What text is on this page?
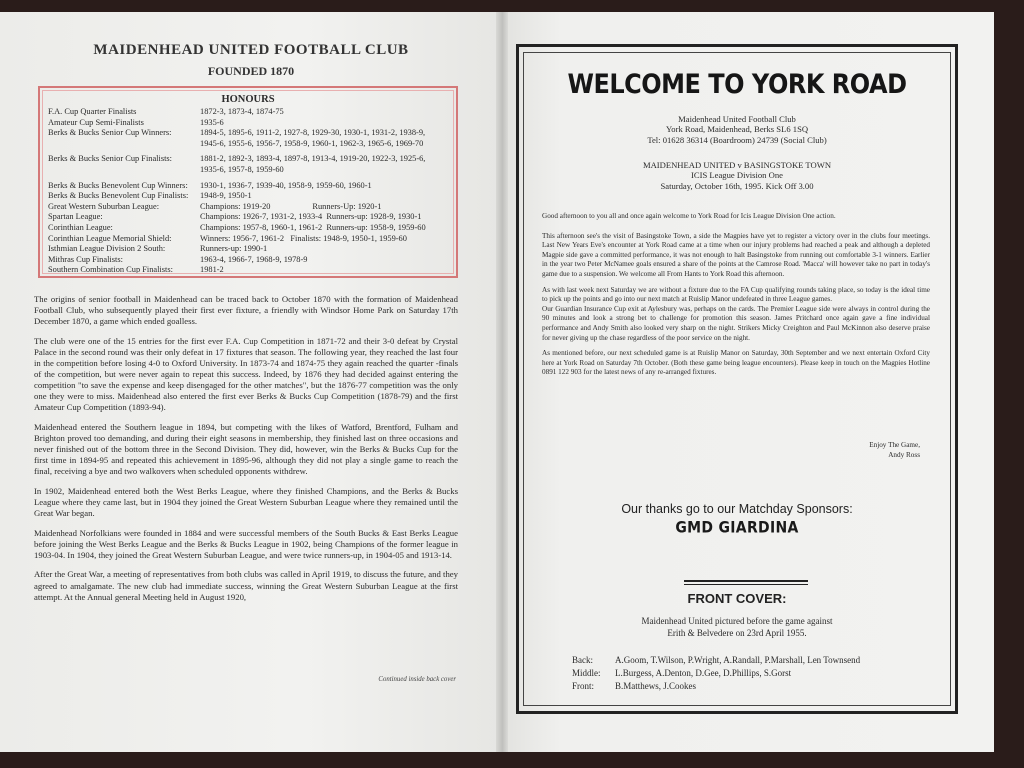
MAIDENHEAD UNITED FOOTBALL CLUB
FOUNDED 1870
HONOURS
F.A. Cup Quarter Finalists	1872-3, 1873-4, 1874-75
Amateur Cup Semi-Finalists	1935-6
Berks & Bucks Senior Cup Winners:	1894-5, 1895-6, 1911-2, 1927-8, 1929-30, 1930-1, 1931-2, 1938-9,
1945-6, 1955-6, 1956-7, 1958-9, 1960-1, 1962-3, 1965-6, 1969-70
Berks & Bucks Senior Cup Finalists:	1881-2, 1892-3, 1893-4, 1897-8, 1913-4, 1919-20, 1922-3, 1925-6,
1935-6, 1957-8, 1959-60
Berks & Bucks Benevolent Cup Winners:	1930-1, 1936-7, 1939-40, 1958-9, 1959-60, 1960-1
Berks & Bucks Benevolent Cup Finalists:	1948-9, 1950-1
Great Western Suburban League:	Champions: 1919-20                    Runners-Up: 1920-1
Spartan League:	Champions: 1926-7, 1931-2, 1933-4  Runners-up: 1928-9, 1930-1
Corinthian League:	Champions: 1957-8, 1960-1, 1961-2  Runners-up: 1958-9, 1959-60
Corinthian League Memorial Shield:	Winners: 1956-7, 1961-2   Finalists: 1948-9, 1950-1, 1959-60
Isthmian League Division 2 South:	Runners-up: 1990-1
Mithras Cup Finalists:	1963-4, 1966-7, 1968-9, 1978-9
Southern Combination Cup Finalists:	1981-2

The origins of senior football in Maidenhead can be traced back to October 1870 with the formation of Maidenhead Football Club, who subsequently played their first ever fixture, a friendly with Windsor Home Park on Saturday 17th December 1870, a game which ended goalless.

The club were one of the 15 entries for the first ever F.A. Cup Competition in 1871-72 and their 3-0 defeat by Crystal Palace in the second round was their only defeat in 17 fixtures that season. The following year, they reached the last four in the competition before losing 4-0 to Oxford University. In 1873-74 and 1874-75 they again reached the quarter -finals of the competition, but were never again to repeat this success. Indeed, by 1876 they had decided against entering the competition "to save the expense and keep disengaged for the other matches", but the 1876-77 competition was the only one they were to miss. Maidenhead also entered the first ever Berks & Bucks Cup Competition (1878-79) and the first Amateur Cup Competition (1893-94).

Maidenhead entered the Southern league in 1894, but competing with the likes of Watford, Brentford, Fulham and Brighton proved too demanding, and during their eight seasons in membership, they finished last on three occasions and never finished out of the bottom three in the Second Division. They did, however, win the Berks & Bucks Cup for the first time in 1894-95 and repeated this achievement in 1895-96, although they did not play a single game to reach the final, receiving a bye and two walkovers when scheduled opponents withdrew.

In 1902, Maidenhead entered both the West Berks League, where they finished Champions, and the Berks & Bucks League where they came last, but in 1904 they joined the Great Western Suburban League where they remained until the Great War began.

Maidenhead Norfolkians were founded in 1884 and were successful members of the South Bucks & East Berks League before joining the West Berks League and the Berks & Bucks League in 1902, being Champions of the former league in 1903-04. In 1904, they joined the Great Western Suburban League, and were twice runners-up, in 1904-05 and 1913-14.

After the Great War, a meeting of representatives from both clubs was called in April 1919, to discuss the future, and they agreed to amalgamate. The new club had immediate success, winning the Great Western Suburban League at the first attempt. At the Annual general Meeting held in August 1920,

Continued inside back cover
WELCOME TO YORK ROAD
Maidenhead United Football Club
York Road, Maidenhead, Berks SL6 1SQ
Tel: 01628 36314 (Boardroom) 24739 (Social Club)
MAIDENHEAD UNITED v BASINGSTOKE TOWN
ICIS League Division One
Saturday, October 16th, 1995. Kick Off 3.00

Good afternoon to you all and once again welcome to York Road for Icis League Division One action.

This afternoon see's the visit of Basingstoke Town, a side the Magpies have yet to register a victory over in the clubs four meetings. Last New Years Eve's encounter at York Road came at a time when our injury problems had reached a peak and although a depleted Magpie side gave a committed performance, it was not enough to halt Basingstoke from running out comfortable 3-1 winners. Earlier in the year two Peter McNamee goals ensured a share of the points at the Camrose Road. 'Macca' will however take no part in today's game due to a suspension. We welcome all From Hants to York Road this afternoon.

As with last week next Saturday we are without a fixture due to the FA Cup qualifying rounds taking place, so today is the ideal time to pick up the points and go into our next match at Ruislip Manor undefeated in three League games.

Our Guardian Insurance Cup exit at Aylesbury was, perhaps on the cards. The Premier League side were always in control during the 90 minutes and look a strong bet to challenge for promotion this season. James Pritchard once again gave a fine individual performance and Andy Smith also looked very sharp on the night. Strikers Micky Creighton and Paul McKinnon also deserve praise for never giving up the chase regardless of the poor service on the night.

As mentioned before, our next scheduled game is at Ruislip Manor on Saturday, 30th September and we next entertain Oxford City here at York Road on Saturday 7th October. (Both these game being league encounters). Please keep in touch on the Magpies Hotline 0891 122 903 for the latest news of any re-arranged fixtures.

Enjoy The Game,
Andy Ross
Our thanks go to our Matchday Sponsors:
GMD GIARDINA
FRONT COVER:
Maidenhead United pictured before the game against
Erith & Belvedere on 23rd April 1955.
Back:	A.Goom, T.Wilson, P.Wright, A.Randall, P.Marshall, Len Townsend
Middle:	L.Burgess, A.Denton, D.Gee, D.Phillips, S.Gorst
Front:	B.Matthews, J.Cookes
